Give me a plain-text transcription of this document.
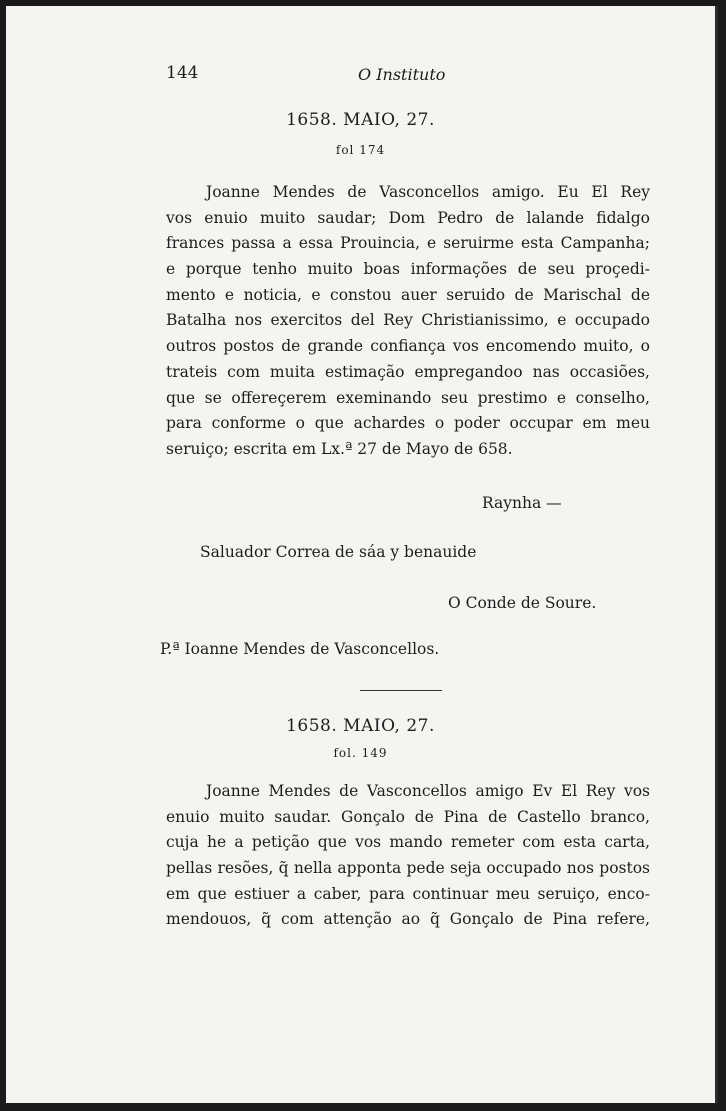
144	O Instituto
1658. MAIO, 27.
fol 174
Joanne Mendes de Vasconcellos amigo. Eu El Rey
vos enuio muito saudar; Dom Pedro de lalande fidalgo
frances passa a essa Prouincia, e seruirme esta Campanha;
e porque tenho muito boas informações de seu proçedi-
mento e noticia, e constou auer seruido de Marischal de
Batalha nos exercitos del Rey Christianissimo, e occupado
outros postos de grande confiança vos encomendo muito, o
trateis com muita estimação empregandoo nas occasiões,
que se offereçerem exeminando seu prestimo e conselho,
para conforme o que achardes o poder occupar em meu
seruiço; escrita em Lx.ª 27 de Mayo de 658.
Raynha —
Saluador Correa de sáa y benauide
O Conde de Soure.
P.ª Ioanne Mendes de Vasconcellos.
1658. MAIO, 27.
fol. 149
Joanne Mendes de Vasconcellos amigo Ev El Rey vos
enuio muito saudar. Gonçalo de Pina de Castello branco,
cuja he a petição que vos mando remeter com esta carta,
pellas resões, q̃ nella apponta pede seja occupado nos postos
em que estiuer a caber, para continuar meu seruiço, enco-
mendouos, q̃ com attenção ao q̃ Gonçalo de Pina refere,
